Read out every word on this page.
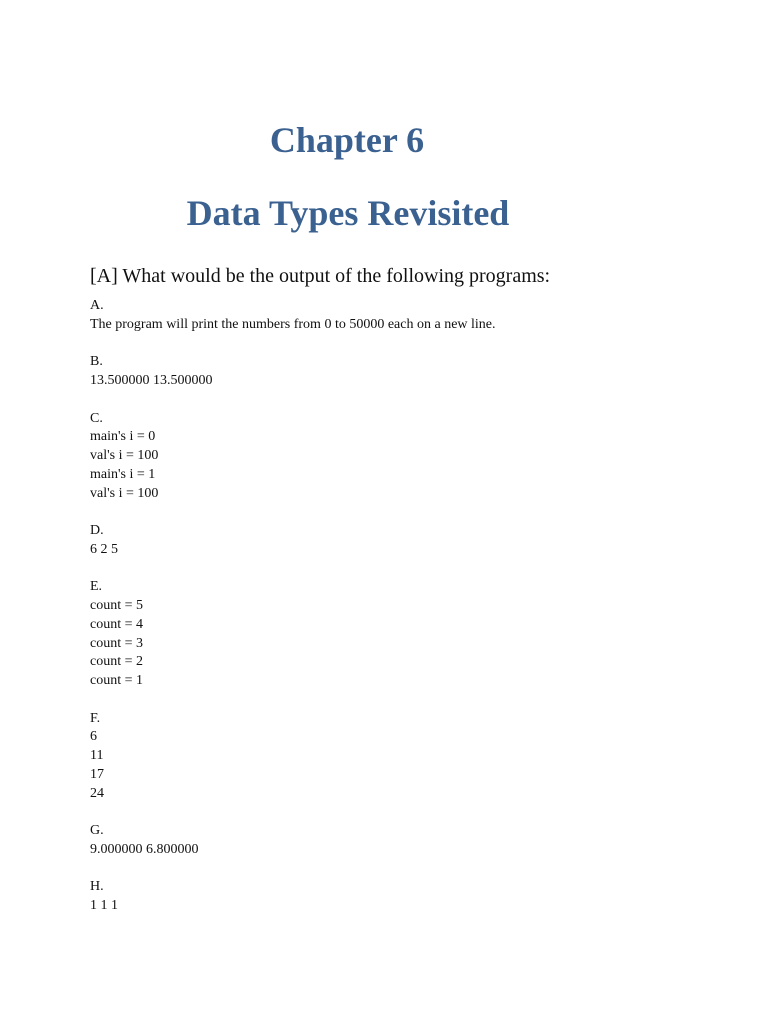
Chapter 6
Data Types Revisited
[A] What would be the output of the following programs:
A.
The program will print the numbers from 0 to 50000 each on a new line.
B.
13.500000 13.500000
C.
main's i = 0
val's i = 100
main's i = 1
val's i = 100
D.
6 2 5
E.
count = 5
count = 4
count = 3
count = 2
count = 1
F.
6
11
17
24
G.
9.000000 6.800000
H.
1 1 1
